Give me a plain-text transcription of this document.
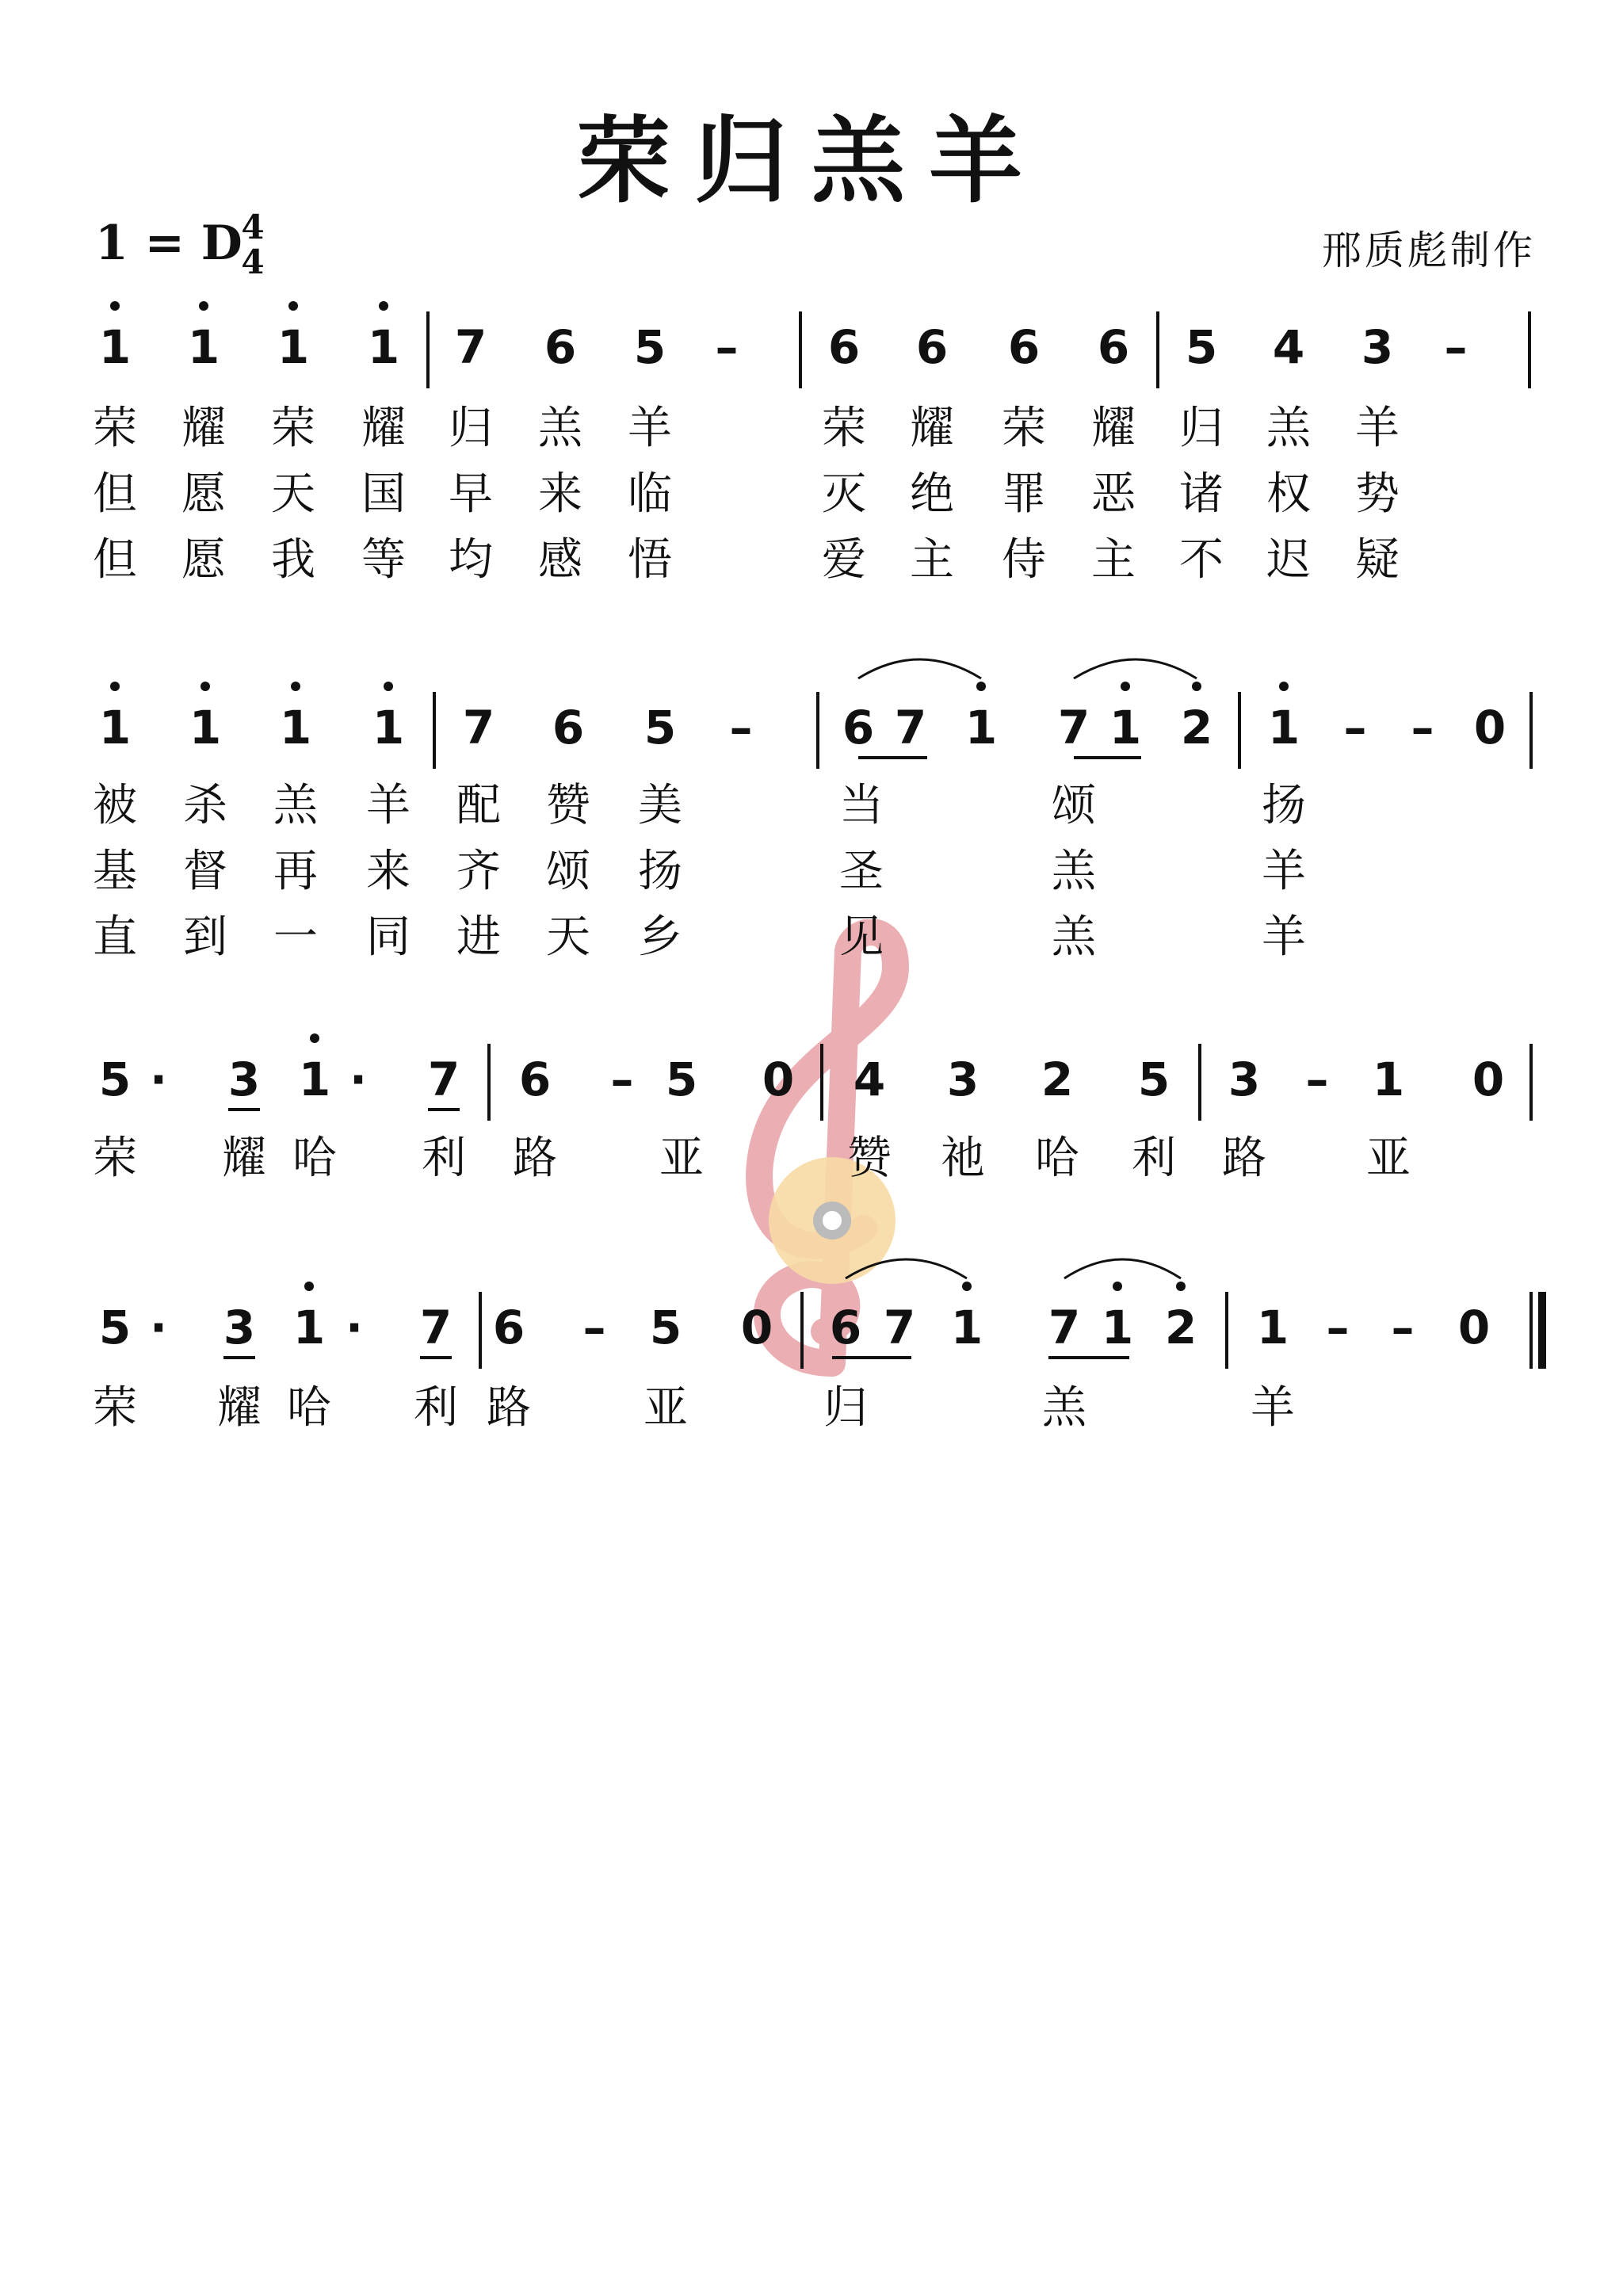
荣归羔羊
1 = D
4
4	邢质彪制作
1 1 1 1 7 6 5	–	6 6 6 6 5 4 3	–
荣	耀	荣	耀 归	羔	羊	荣 耀	荣	耀 归 羔	羊
但	愿	天	国 早	来	临	灭 绝	罪	恶 诸 权	势
但	愿	我	等 均	感	悟	爱 主	侍	主 不 迟	疑
1 1 1 1 7 6 5	–	6 7 1 7 1 2 1 – – 0
被	杀	羔	羊	配	赞	美	当	颂	扬
基	督	再	来	齐	颂	扬	圣	羔	羊
直	到	一	同	进	天	乡	见	羔	羊
5 ·	3 1 ·	7 6	– 5 0 4 3 2 5 3 – 1 0
荣	耀 哈	利	路	亚	赞	祂	哈	利	路	亚
5 ·	3 1 ·	7 6	– 5 0 6 7 1 7 1 2 1 – – 0
荣	耀 哈	利 路	亚	归	羔	羊
